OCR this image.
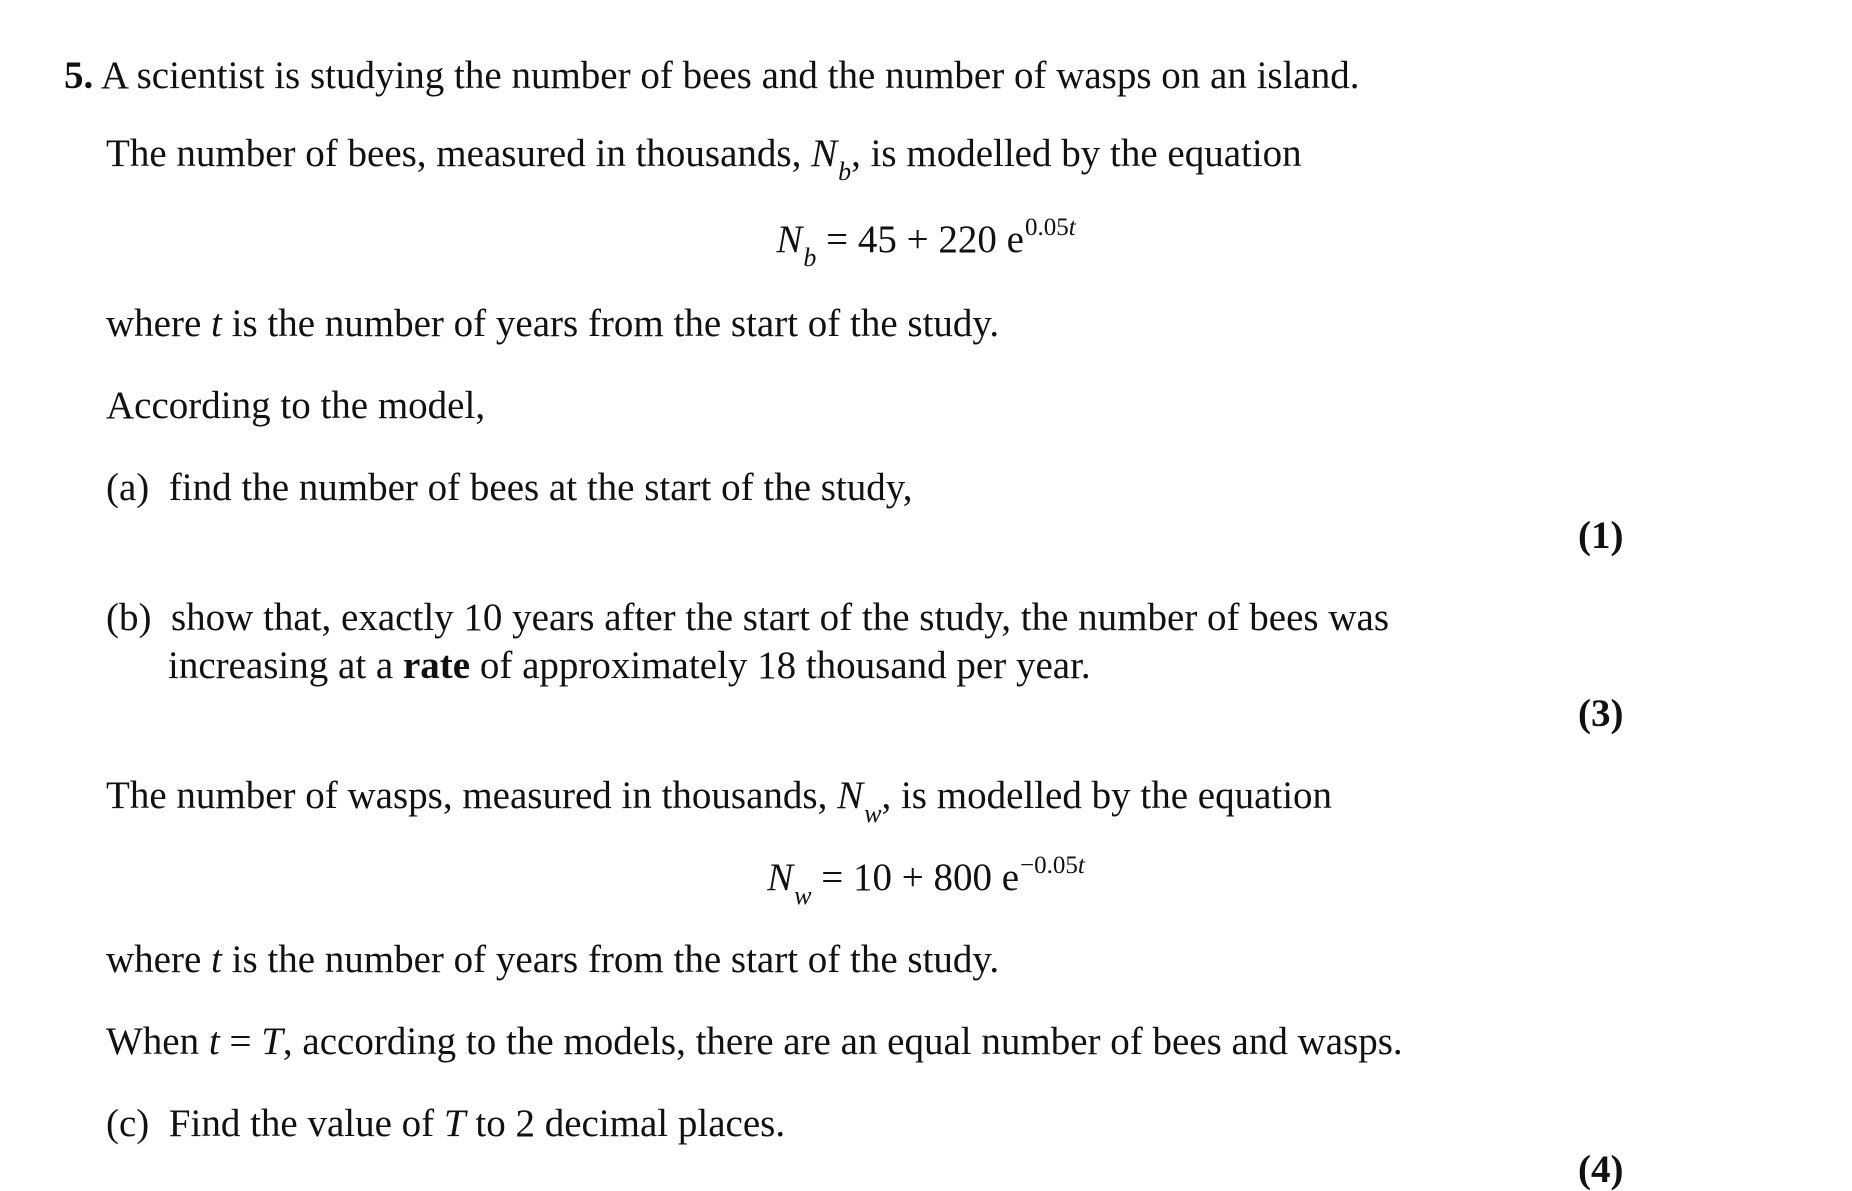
5. A scientist is studying the number of bees and the number of wasps on an island.
The number of bees, measured in thousands, $N_b$, is modelled by the equation
$N_b = 45 + 220$ $e^{0.05t}$
where t is the number of years from the start of the study.
According to the model,
(a) find the number of bees at the start of the study,
(1)
(b) show that, exactly 10 years after the start of the study, the number of bees was
increasing at a rate of approximately 18 thousand per year.
(3)
The number of wasps, measured in thousands, $N_w$, is modelled by the equation
$N_w = 10 + 800$ $e^{-0.05t}$
where t is the number of years from the start of the study.
When t = T, according to the models, there are an equal number of bees and wasps.
(c) Find the value of T to 2 decimal places.
(4)
